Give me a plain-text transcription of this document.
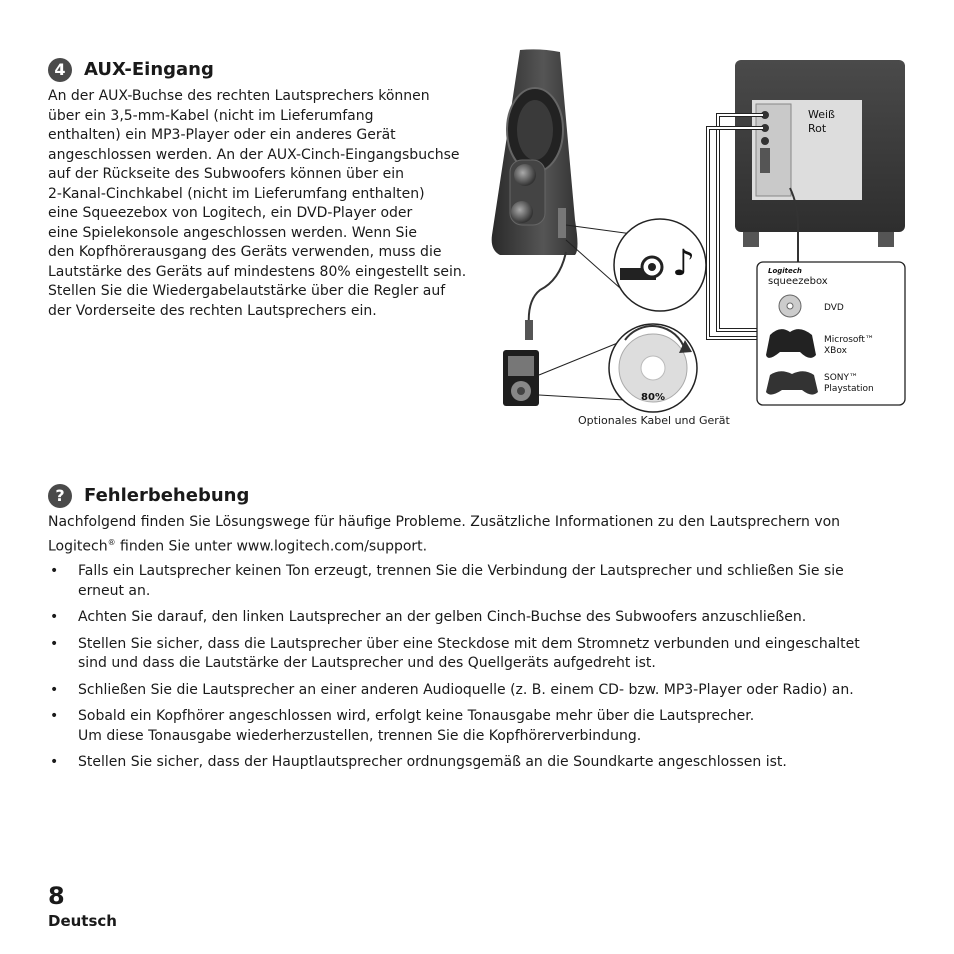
4	AUX-Eingang
An der AUX-Buchse des rechten Lautsprechers können
über ein 3,5-mm-Kabel (nicht im Lieferumfang
enthalten) ein MP3-Player oder ein anderes Gerät
angeschlossen werden. An der AUX-Cinch-Eingangsbuchse
auf der Rückseite des Subwoofers können über ein
2-Kanal-Cinchkabel (nicht im Lieferumfang enthalten)
eine Squeezebox von Logitech, ein DVD-Player oder
eine Spielekonsole angeschlossen werden. Wenn Sie
den Kopfhörerausgang des Geräts verwenden, muss die
Lautstärke des Geräts auf mindestens 80% eingestellt sein.
Stellen Sie die Wiedergabelautstärke über die Regler auf
der Vorderseite des rechten Lautsprechers ein.
♪
80%
Weiß
Rot
Logitech
squeezebox
DVD
Microsoft™
XBox
SONY™
Playstation
Optionales Kabel und Gerät
?	Fehlerbehebung
Nachfolgend finden Sie Lösungswege für häufige Probleme. Zusätzliche Informationen zu den Lautsprechern von
Logitech® finden Sie unter www.logitech.com/support.
• Falls ein Lautsprecher keinen Ton erzeugt, trennen Sie die Verbindung der Lautsprecher und schließen Sie sie
erneut an.
• Achten Sie darauf, den linken Lautsprecher an der gelben Cinch-Buchse des Subwoofers anzuschließen.
• Stellen Sie sicher, dass die Lautsprecher über eine Steckdose mit dem Stromnetz verbunden und eingeschaltet
sind und dass die Lautstärke der Lautsprecher und des Quellgeräts aufgedreht ist.
• Schließen Sie die Lautsprecher an einer anderen Audioquelle (z. B. einem CD- bzw. MP3-Player oder Radio) an.
• Sobald ein Kopfhörer angeschlossen wird, erfolgt keine Tonausgabe mehr über die Lautsprecher.
Um diese Tonausgabe wiederherzustellen, trennen Sie die Kopfhörerverbindung.
• Stellen Sie sicher, dass der Hauptlautsprecher ordnungsgemäß an die Soundkarte angeschlossen ist.
8
Deutsch
